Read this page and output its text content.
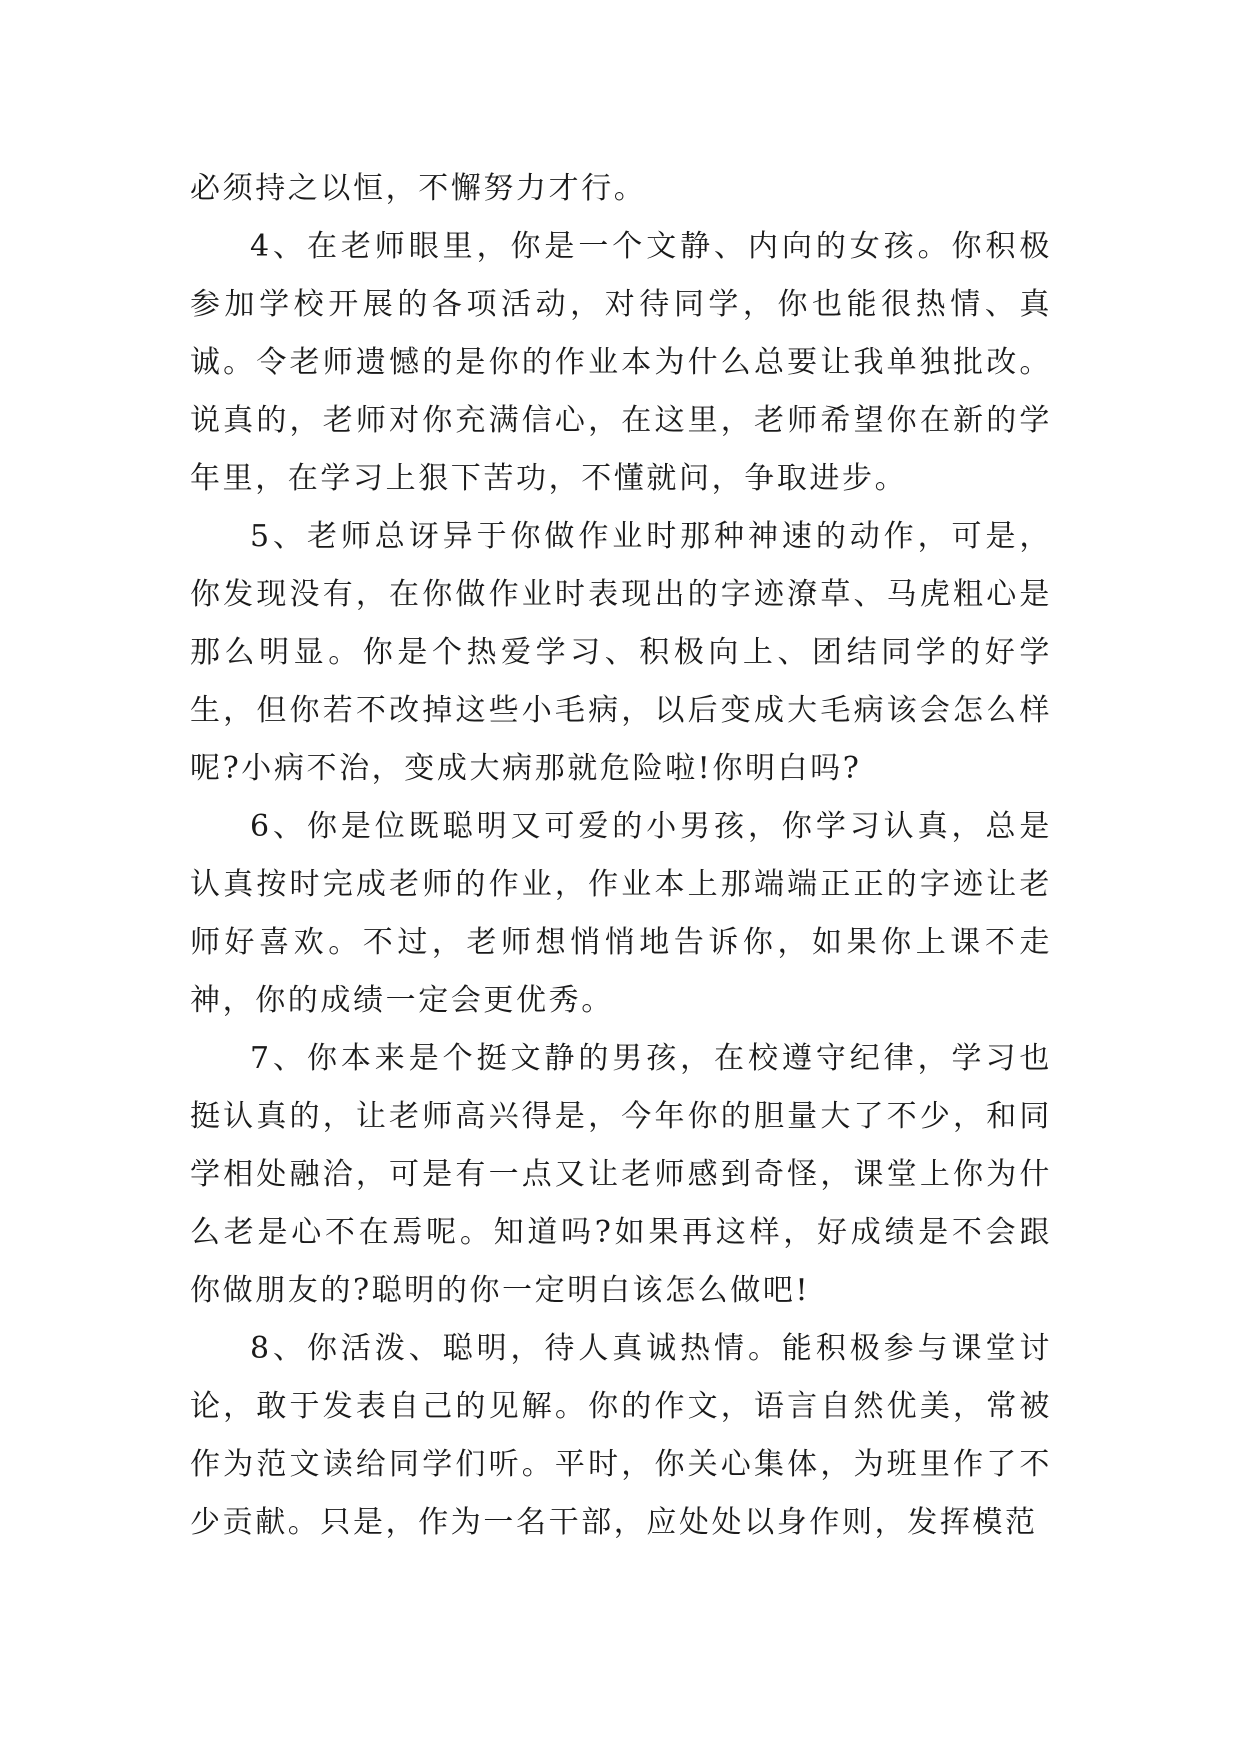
必须持之以恒，不懈努力才行。

4、在老师眼里，你是一个文静、内向的女孩。你积极参加学校开展的各项活动，对待同学，你也能很热情、真诚。令老师遗憾的是你的作业本为什么总要让我单独批改。说真的，老师对你充满信心，在这里，老师希望你在新的学年里，在学习上狠下苦功，不懂就问，争取进步。

5、老师总讶异于你做作业时那种神速的动作，可是，你发现没有，在你做作业时表现出的字迹潦草、马虎粗心是那么明显。你是个热爱学习、积极向上、团结同学的好学生，但你若不改掉这些小毛病，以后变成大毛病该会怎么样呢?小病不治，变成大病那就危险啦!你明白吗?

6、你是位既聪明又可爱的小男孩，你学习认真，总是认真按时完成老师的作业，作业本上那端端正正的字迹让老师好喜欢。不过，老师想悄悄地告诉你，如果你上课不走神，你的成绩一定会更优秀。

7、你本来是个挺文静的男孩，在校遵守纪律，学习也挺认真的，让老师高兴得是，今年你的胆量大了不少，和同学相处融洽，可是有一点又让老师感到奇怪，课堂上你为什么老是心不在焉呢。知道吗?如果再这样，好成绩是不会跟你做朋友的?聪明的你一定明白该怎么做吧!

8、你活泼、聪明，待人真诚热情。能积极参与课堂讨论，敢于发表自己的见解。你的作文，语言自然优美，常被作为范文读给同学们听。平时，你关心集体，为班里作了不少贡献。只是，作为一名干部，应处处以身作则，发挥模范
